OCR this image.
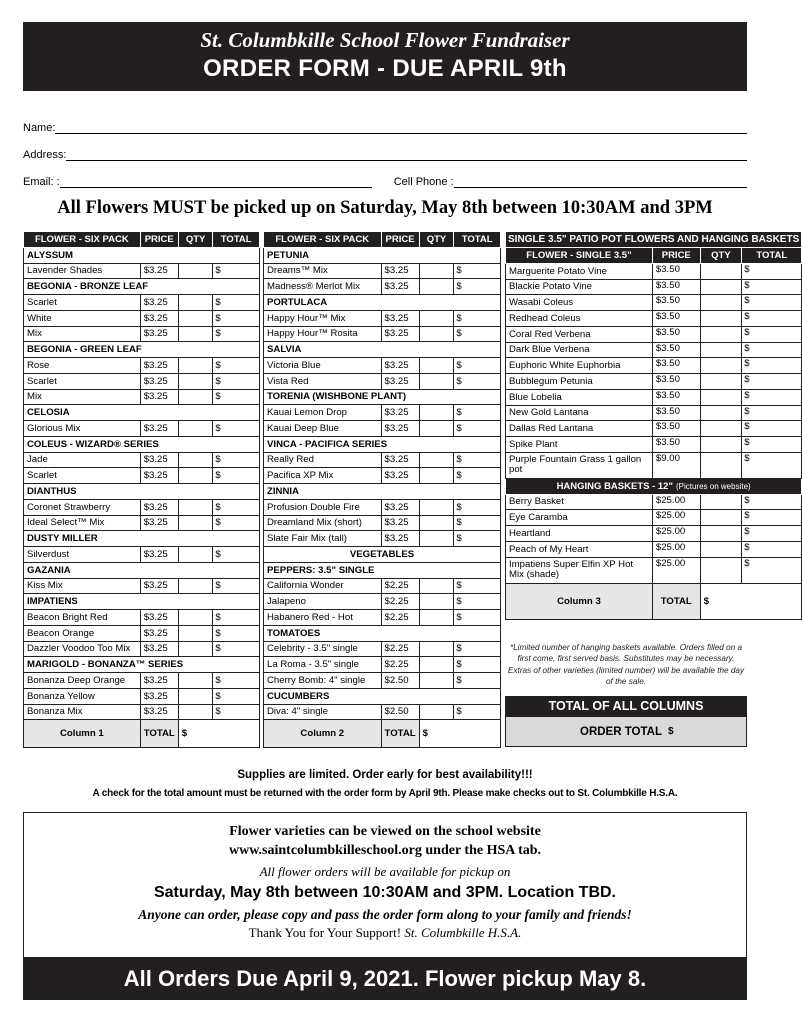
St. Columbkille School Flower Fundraiser
ORDER FORM - DUE APRIL 9th
Name:
Address:
Email: :	Cell Phone :
All Flowers MUST be picked up on Saturday, May 8th between 10:30AM and 3PM
FLOWER - SIX PACK	PRICE	QTY	TOTAL
ALYSSUM			
Lavender Shades	$3.25		$
BEGONIA - BRONZE LEAF			
Scarlet	$3.25		$
White	$3.25		$
Mix	$3.25		$
BEGONIA - GREEN LEAF			
Rose	$3.25		$
Scarlet	$3.25		$
Mix	$3.25		$
CELOSIA			
Glorious Mix	$3.25		$
COLEUS - WIZARD® SERIES			
Jade	$3.25		$
Scarlet	$3.25		$
DIANTHUS			
Coronet Strawberry	$3.25		$
Ideal Select™ Mix	$3.25		$
DUSTY MILLER			
Silverdust	$3.25		$
GAZANIA			
Kiss Mix	$3.25		$
IMPATIENS			
Beacon Bright Red	$3.25		$
Beacon Orange	$3.25		$
Dazzler Voodoo Too Mix	$3.25		$
MARIGOLD - BONANZA™ SERIES			
Bonanza Deep Orange	$3.25		$
Bonanza Yellow	$3.25		$
Bonanza Mix	$3.25		$
Column 1	TOTAL	$	
FLOWER - SIX PACK	PRICE	QTY	TOTAL
PETUNIA			
Dreams™ Mix	$3.25		$
Madness® Merlot Mix	$3.25		$
PORTULACA			
Happy Hour™ Mix	$3.25		$
Happy Hour™ Rosita	$3.25		$
SALVIA			
Victoria Blue	$3.25		$
Vista Red	$3.25		$
TORENIA (WISHBONE PLANT)			
Kauai Lemon Drop	$3.25		$
Kauai Deep Blue	$3.25		$
VINCA - PACIFICA SERIES			
Really Red	$3.25		$
Pacifica XP Mix	$3.25		$
ZINNIA			
Profusion Double Fire	$3.25		$
Dreamland Mix (short)	$3.25		$
Slate Fair Mix (tall)	$3.25		$
VEGETABLES			
PEPPERS: 3.5" SINGLE			
California Wonder	$2.25		$
Jalapeno	$2.25		$
Habanero Red - Hot	$2.25		$
TOMATOES			
Celebrity - 3.5" single	$2.25		$
La Roma - 3.5" single	$2.25		$
Cherry Bomb: 4" single	$2.50		$
CUCUMBERS			
Diva: 4" single	$2.50		$
Column 2	TOTAL	$	
SINGLE 3.5" PATIO POT FLOWERS AND HANGING BASKETS			
FLOWER - SINGLE 3.5"	PRICE	QTY	TOTAL
Marguerite Potato Vine	$3.50		$
Blackie Potato Vine	$3.50		$
Wasabi Coleus	$3.50		$
Redhead Coleus	$3.50		$
Coral Red Verbena	$3.50		$
Dark Blue Verbena	$3.50		$
Euphoric White Euphorbia	$3.50		$
Bubblegum Petunia	$3.50		$
Blue Lobelia	$3.50		$
New Gold Lantana	$3.50		$
Dallas Red Lantana	$3.50		$
Spike Plant	$3.50		$
Purple Fountain Grass 1 gallon pot	$9.00		$
HANGING BASKETS - 12" (Pictures on website)			
Berry Basket	$25.00		$
Eye Caramba	$25.00		$
Heartland	$25.00		$
Peach of My Heart	$25.00		$
Impatiens Super Elfin XP Hot Mix (shade)	$25.00		$
Column 3	TOTAL	$	
*Limited number of hanging baskets available. Orders filled on a first come, first served basis. Substitutes may be necessary. Extras of other varieties (limited number) will be available the day of the sale.
TOTAL OF ALL COLUMNS
ORDER TOTAL $
Supplies are limited. Order early for best availability!!!
A check for the total amount must be returned with the order form by April 9th. Please make checks out to St. Columbkille H.S.A.
Flower varieties can be viewed on the school website
www.saintcolumbkilleschool.org under the HSA tab.
All flower orders will be available for pickup on
Saturday, May 8th between 10:30AM and 3PM. Location TBD.
Anyone can order, please copy and pass the order form along to your family and friends!
Thank You for Your Support! St. Columbkille H.S.A.
All Orders Due April 9, 2021. Flower pickup May 8.
